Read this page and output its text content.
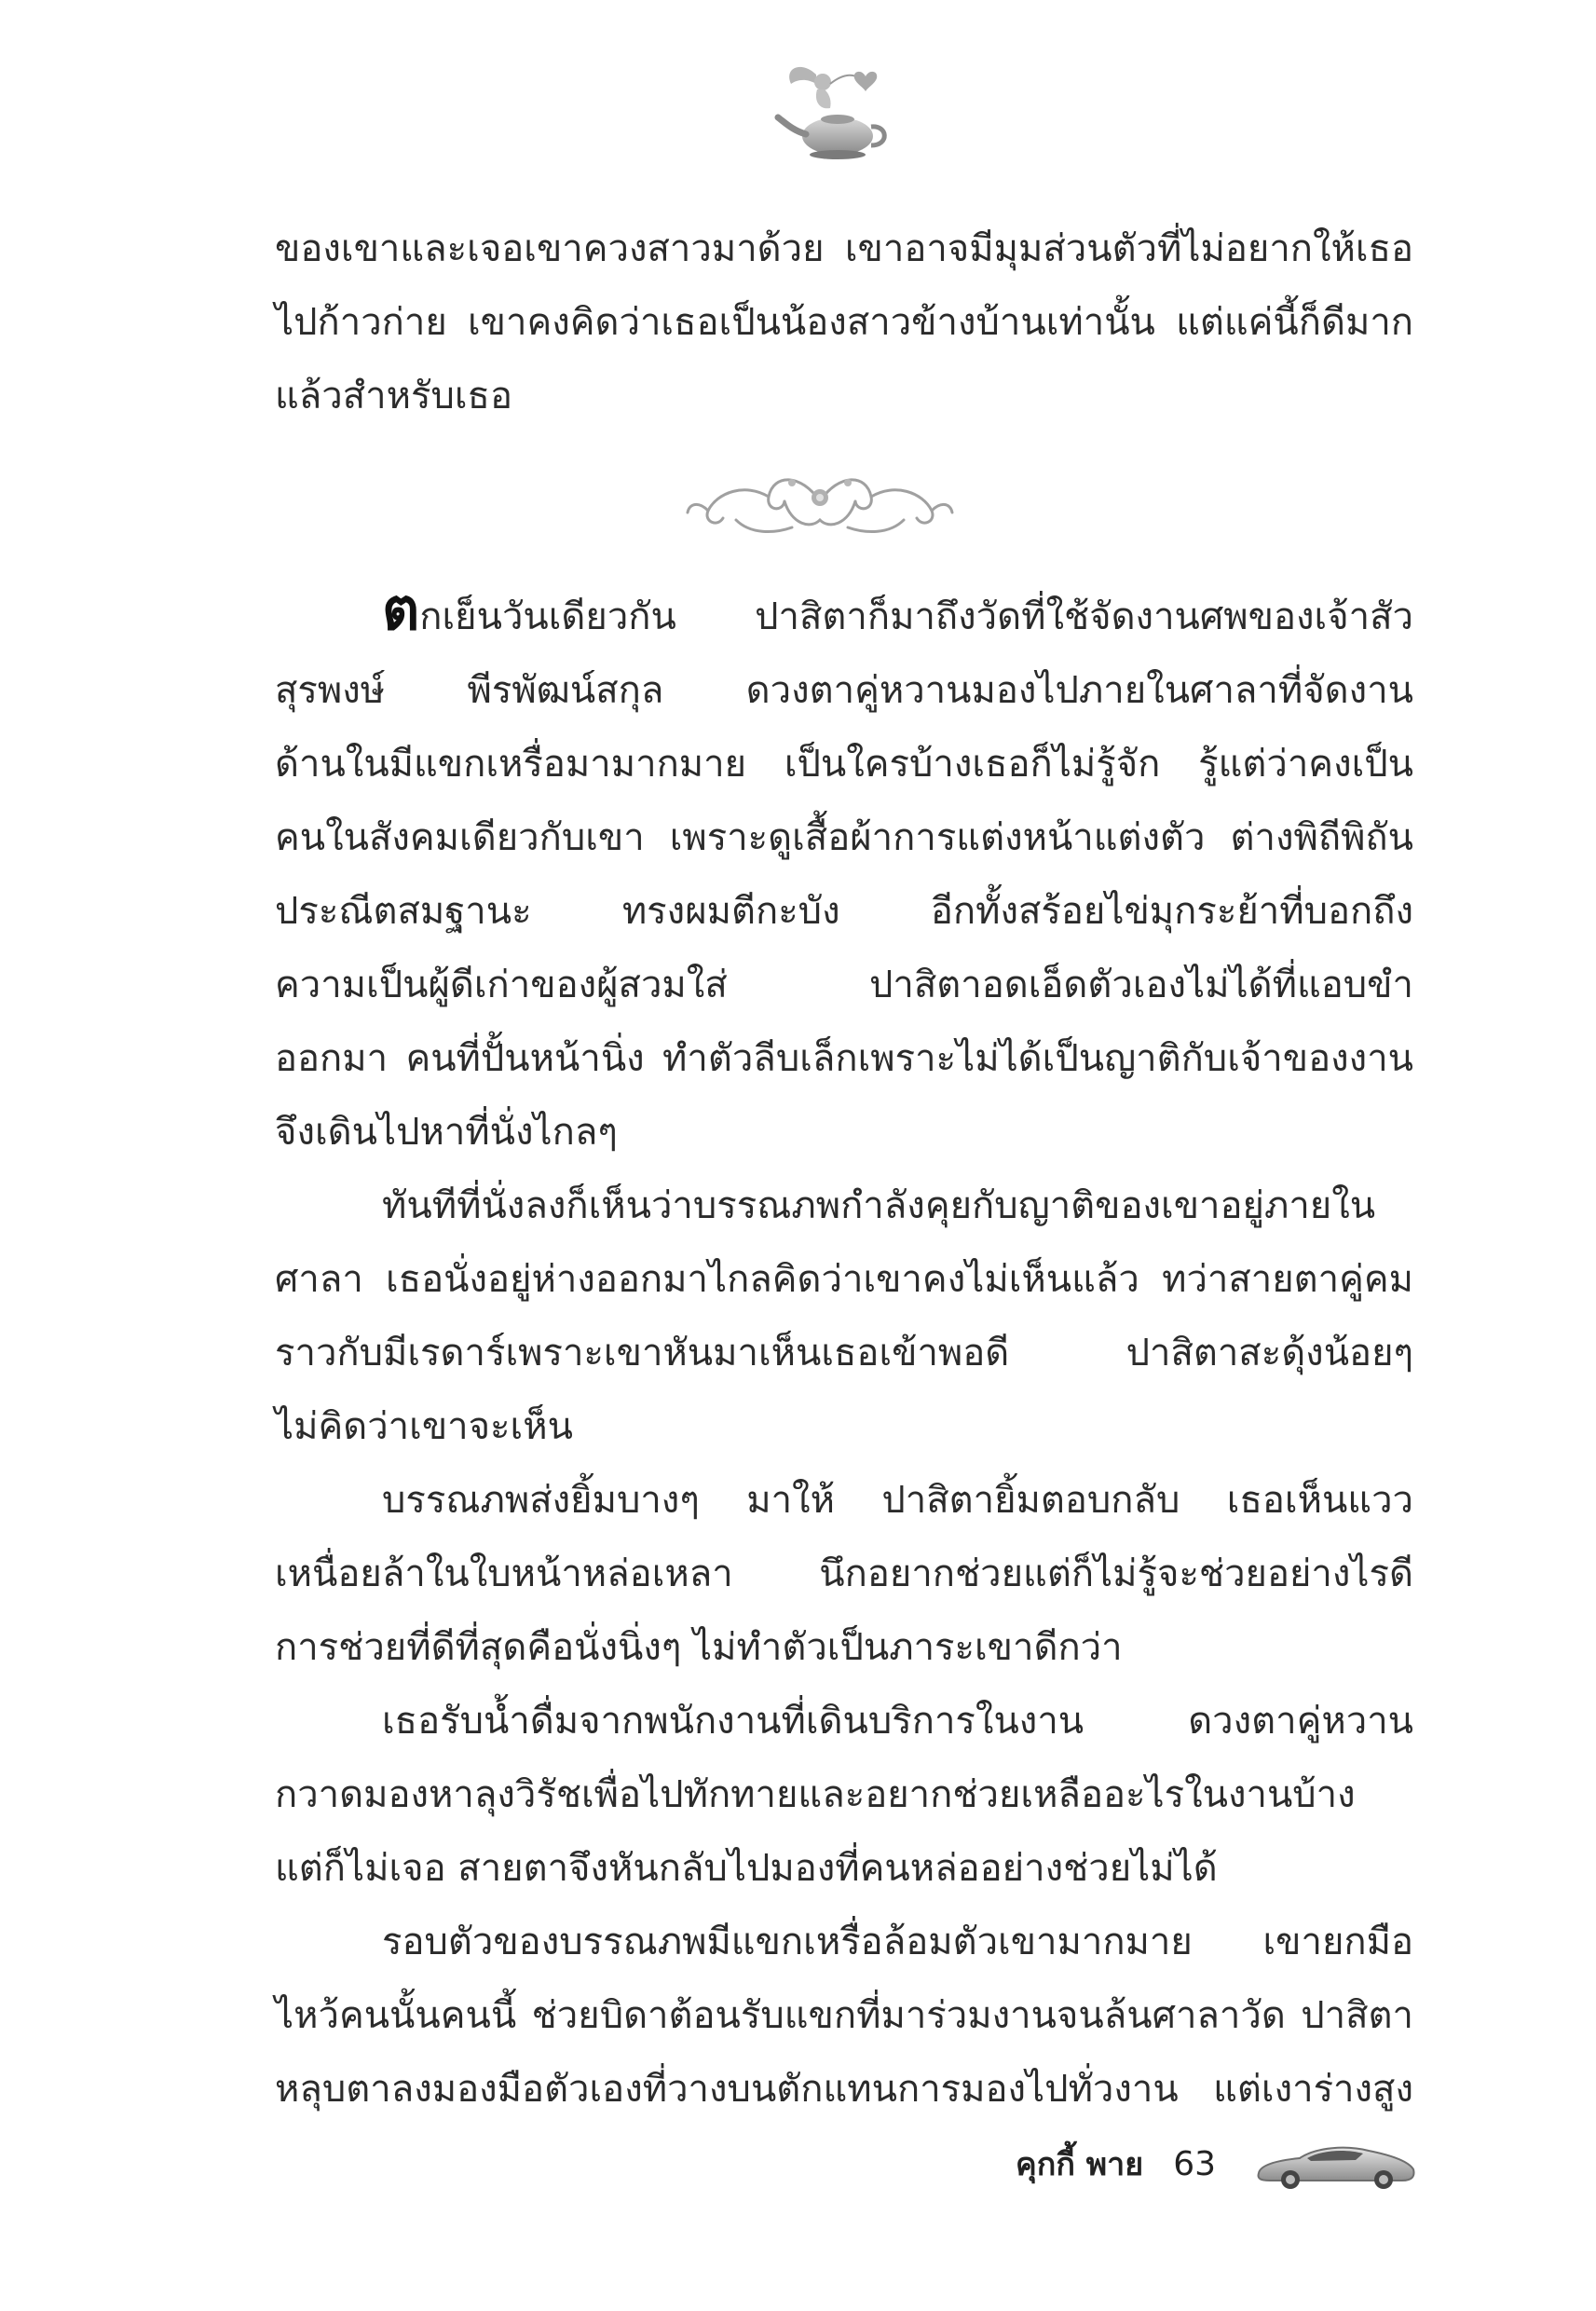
ของเขาและเจอเขาควงสาวมาด้วย เขาอาจมีมุมส่วนตัวที่ไม่อยากให้เธอ

ไปก้าวก่าย เขาคงคิดว่าเธอเป็นน้องสาวข้างบ้านเท่านั้น แต่แค่นี้ก็ดีมาก

แล้วสำหรับเธอ

ตกเย็นวันเดียวกัน ปาสิตาก็มาถึงวัดที่ใช้จัดงานศพของเจ้าสัว

สุรพงษ์ พีรพัฒน์สกุล ดวงตาคู่หวานมองไปภายในศาลาที่จัดงาน

ด้านในมีแขกเหรื่อมามากมาย เป็นใครบ้างเธอก็ไม่รู้จัก รู้แต่ว่าคงเป็น

คนในสังคมเดียวกับเขา เพราะดูเสื้อผ้าการแต่งหน้าแต่งตัว ต่างพิถีพิถัน

ประณีตสมฐานะ ทรงผมตีกะบัง อีกทั้งสร้อยไข่มุกระย้าที่บอกถึง

ความเป็นผู้ดีเก่าของผู้สวมใส่ ปาสิตาอดเอ็ดตัวเองไม่ได้ที่แอบขำ

ออกมา คนที่ปั้นหน้านิ่ง ทำตัวลีบเล็กเพราะไม่ได้เป็นญาติกับเจ้าของงาน

จึงเดินไปหาที่นั่งไกลๆ

ทันทีที่นั่งลงก็เห็นว่าบรรณภพกำลังคุยกับญาติของเขาอยู่ภายใน

ศาลา เธอนั่งอยู่ห่างออกมาไกลคิดว่าเขาคงไม่เห็นแล้ว ทว่าสายตาคู่คม

ราวกับมีเรดาร์เพราะเขาหันมาเห็นเธอเข้าพอดี ปาสิตาสะดุ้งน้อยๆ

ไม่คิดว่าเขาจะเห็น

บรรณภพส่งยิ้มบางๆ มาให้ ปาสิตายิ้มตอบกลับ เธอเห็นแวว

เหนื่อยล้าในใบหน้าหล่อเหลา นึกอยากช่วยแต่ก็ไม่รู้จะช่วยอย่างไรดี

การช่วยที่ดีที่สุดคือนั่งนิ่งๆ ไม่ทำตัวเป็นภาระเขาดีกว่า

เธอรับน้ำดื่มจากพนักงานที่เดินบริการในงาน ดวงตาคู่หวาน

กวาดมองหาลุงวิรัชเพื่อไปทักทายและอยากช่วยเหลืออะไรในงานบ้าง

แต่ก็ไม่เจอ สายตาจึงหันกลับไปมองที่คนหล่ออย่างช่วยไม่ได้

รอบตัวของบรรณภพมีแขกเหรื่อล้อมตัวเขามากมาย เขายกมือ

ไหว้คนนั้นคนนี้ ช่วยบิดาต้อนรับแขกที่มาร่วมงานจนล้นศาลาวัด ปาสิตา

หลุบตาลงมองมือตัวเองที่วางบนตักแทนการมองไปทั่วงาน แต่เงาร่างสูง

คุกกี้ พาย 63
